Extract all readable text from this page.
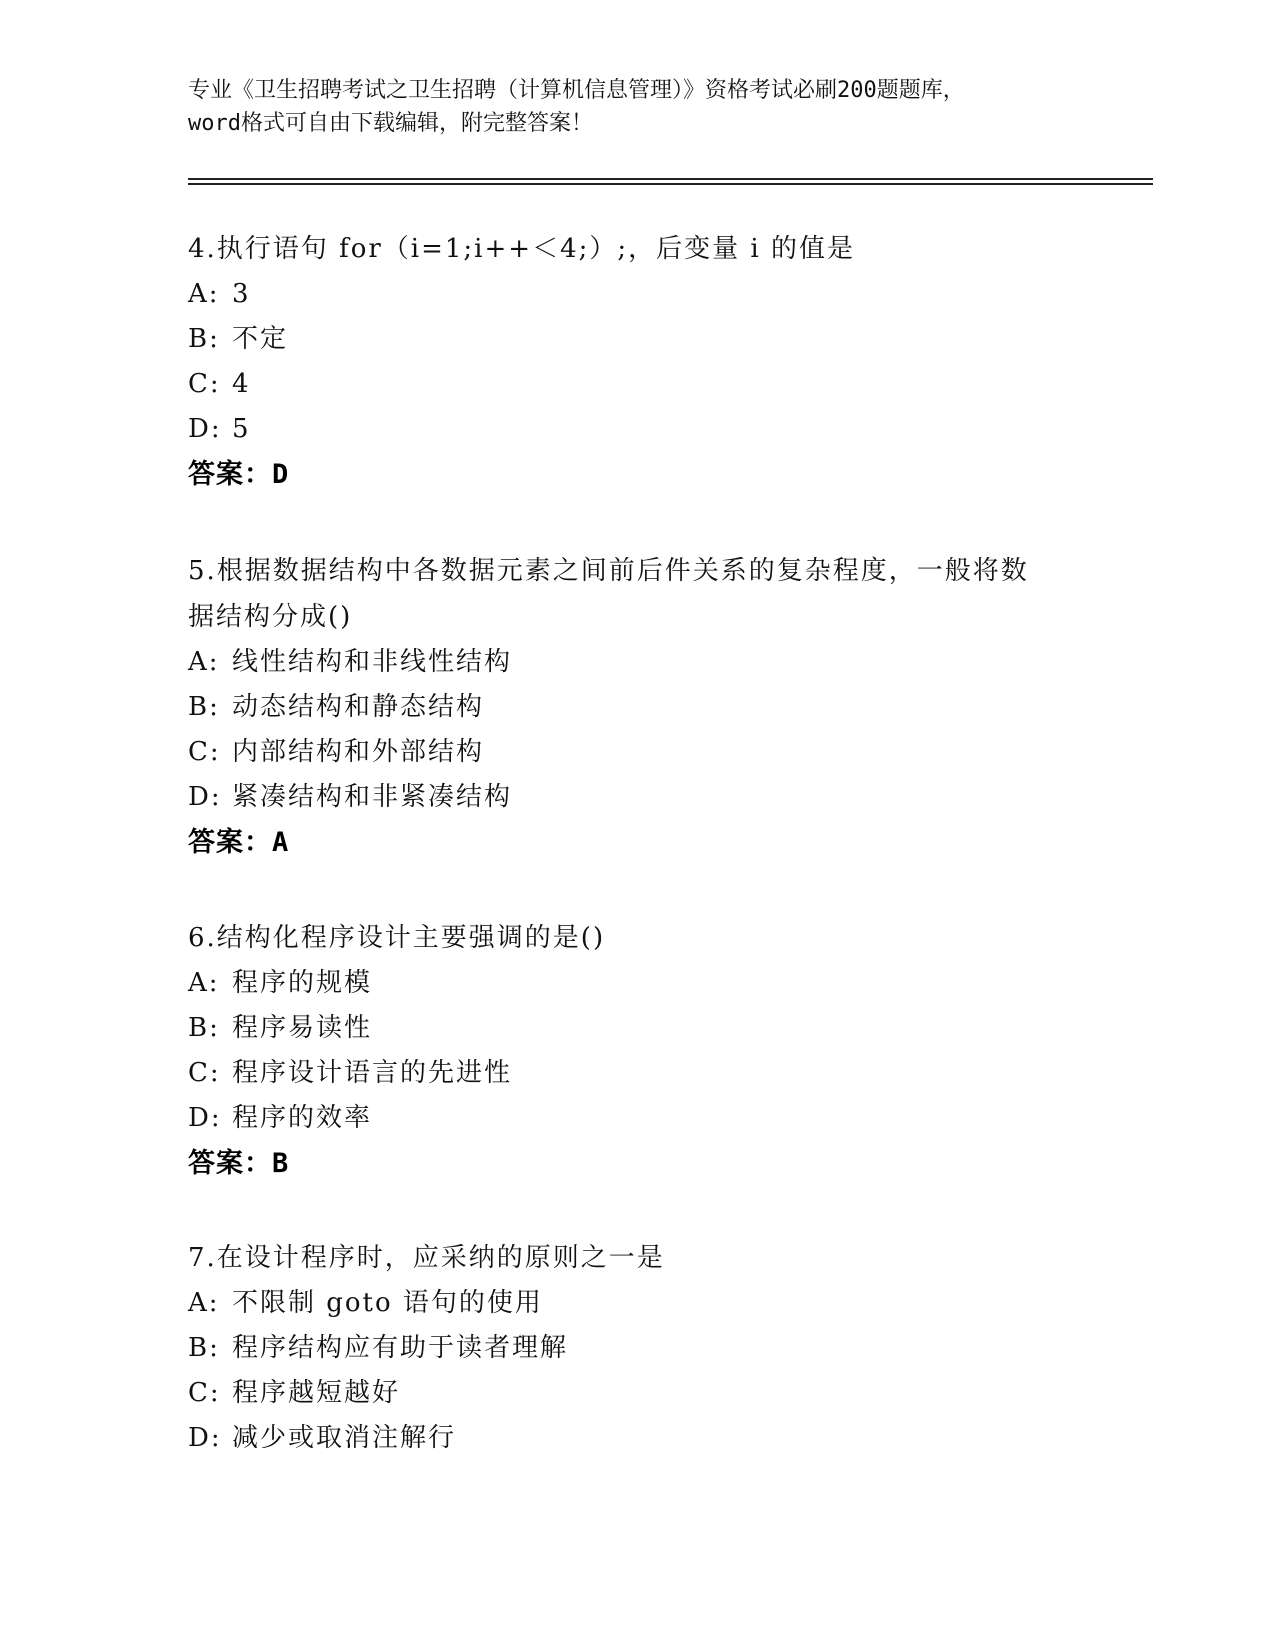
专业《卫生招聘考试之卫生招聘（计算机信息管理）》资格考试必刷200题题库，
word格式可自由下载编辑，附完整答案！
4.执行语句 for（i=1;i++＜4;）;，后变量 i 的值是
A: 3
B: 不定
C: 4
D: 5
答案：D
5.根据数据结构中各数据元素之间前后件关系的复杂程度，一般将数
据结构分成()
A: 线性结构和非线性结构
B: 动态结构和静态结构
C: 内部结构和外部结构
D: 紧凑结构和非紧凑结构
答案：A
6.结构化程序设计主要强调的是()
A: 程序的规模
B: 程序易读性
C: 程序设计语言的先进性
D: 程序的效率
答案：B
7.在设计程序时，应采纳的原则之一是
A: 不限制 goto 语句的使用
B: 程序结构应有助于读者理解
C: 程序越短越好
D: 减少或取消注解行
